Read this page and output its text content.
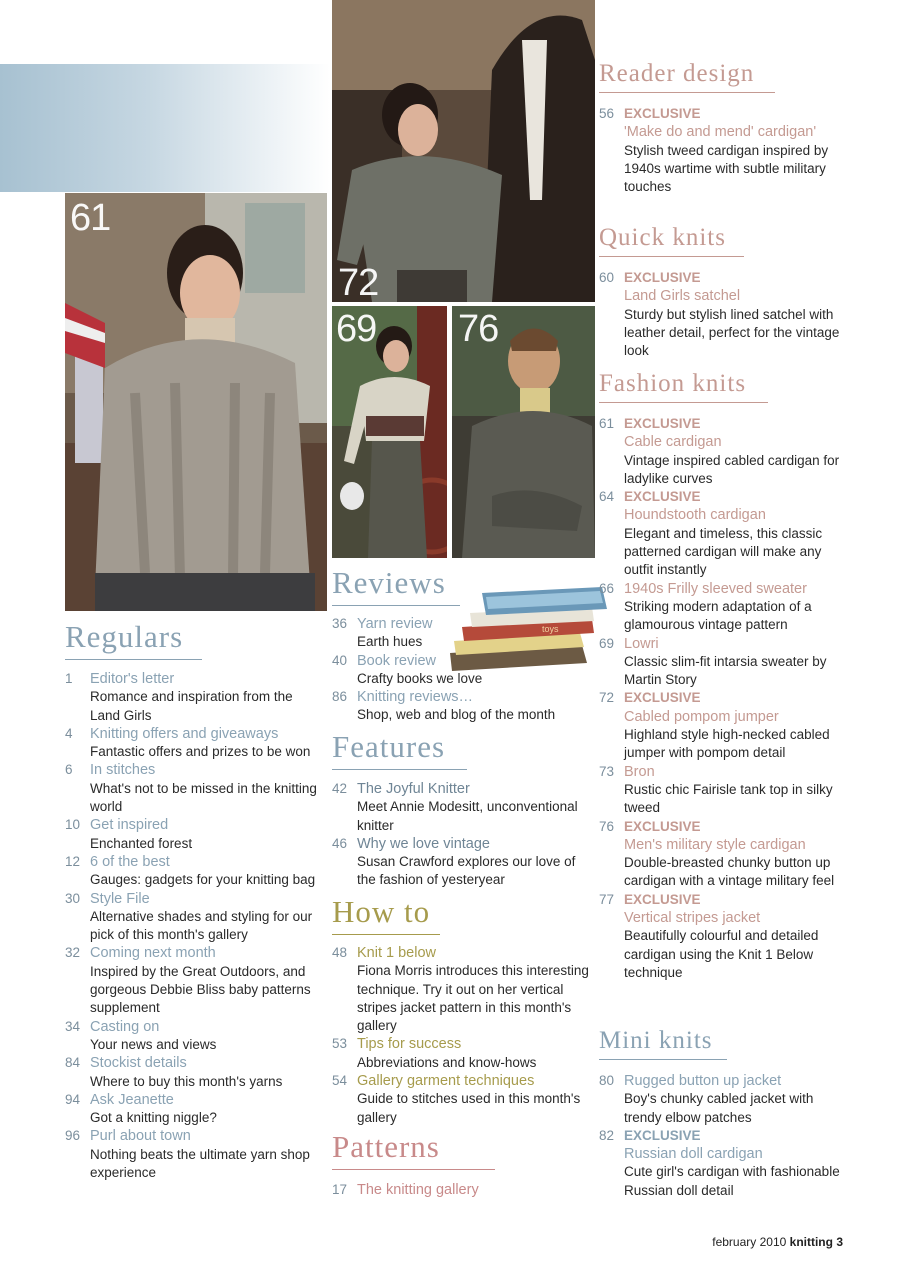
61
72
69 76
toys
Regulars
1	Editor's letter
Romance and inspiration from the Land Girls
4	Knitting offers and giveaways
Fantastic offers and prizes to be won
6	In stitches
What's not to be missed in the knitting world
10 Get inspired
Enchanted forest
12 6 of the best
Gauges: gadgets for your knitting bag
30 Style File
Alternative shades and styling for our pick of this month's gallery
32 Coming next month
Inspired by the Great Outdoors, and gorgeous Debbie Bliss baby patterns supplement
34 Casting on
Your news and views
84 Stockist details
Where to buy this month's yarns
94 Ask Jeanette
Got a knitting niggle?
96 Purl about town
Nothing beats the ultimate yarn shop experience
Reviews
36 Yarn review
Earth hues
40 Book review
Crafty books we love
86 Knitting reviews…
Shop, web and blog of the month
Features
42 The Joyful Knitter
Meet Annie Modesitt, unconventional knitter
46 Why we love vintage
Susan Crawford explores our love of the fashion of yesteryear
How to
48 Knit 1 below
Fiona Morris introduces this interesting technique. Try it out on her vertical stripes jacket pattern in this month's gallery
53 Tips for success
Abbreviations and know-hows
54 Gallery garment techniques
Guide to stitches used in this month's gallery
Patterns
17 The knitting gallery
Reader design
56 EXCLUSIVE
'Make do and mend' cardigan'
Stylish tweed cardigan inspired by 1940s wartime with subtle military touches
Quick knits
60 EXCLUSIVE
Land Girls satchel
Sturdy but stylish lined satchel with leather detail, perfect for the vintage look
Fashion knits
61 EXCLUSIVE
Cable cardigan
Vintage inspired cabled cardigan for ladylike curves
64 EXCLUSIVE
Houndstooth cardigan
Elegant and timeless, this classic patterned cardigan will make any outfit instantly
66 1940s Frilly sleeved sweater
Striking modern adaptation of a glamourous vintage pattern
69 Lowri
Classic slim-fit intarsia sweater by Martin Story
72 EXCLUSIVE
Cabled pompom jumper
Highland style high-necked cabled jumper with pompom detail
73 Bron
Rustic chic Fairisle tank top in silky tweed
76 EXCLUSIVE
Men's military style cardigan
Double-breasted chunky button up cardigan with a vintage military feel
77 EXCLUSIVE
Vertical stripes jacket
Beautifully colourful and detailed cardigan using the Knit 1 Below technique
Mini knits
80 Rugged button up jacket
Boy's chunky cabled jacket with trendy elbow patches
82 EXCLUSIVE
Russian doll cardigan
Cute girl's cardigan with fashionable Russian doll detail
february 2010 knitting 3
